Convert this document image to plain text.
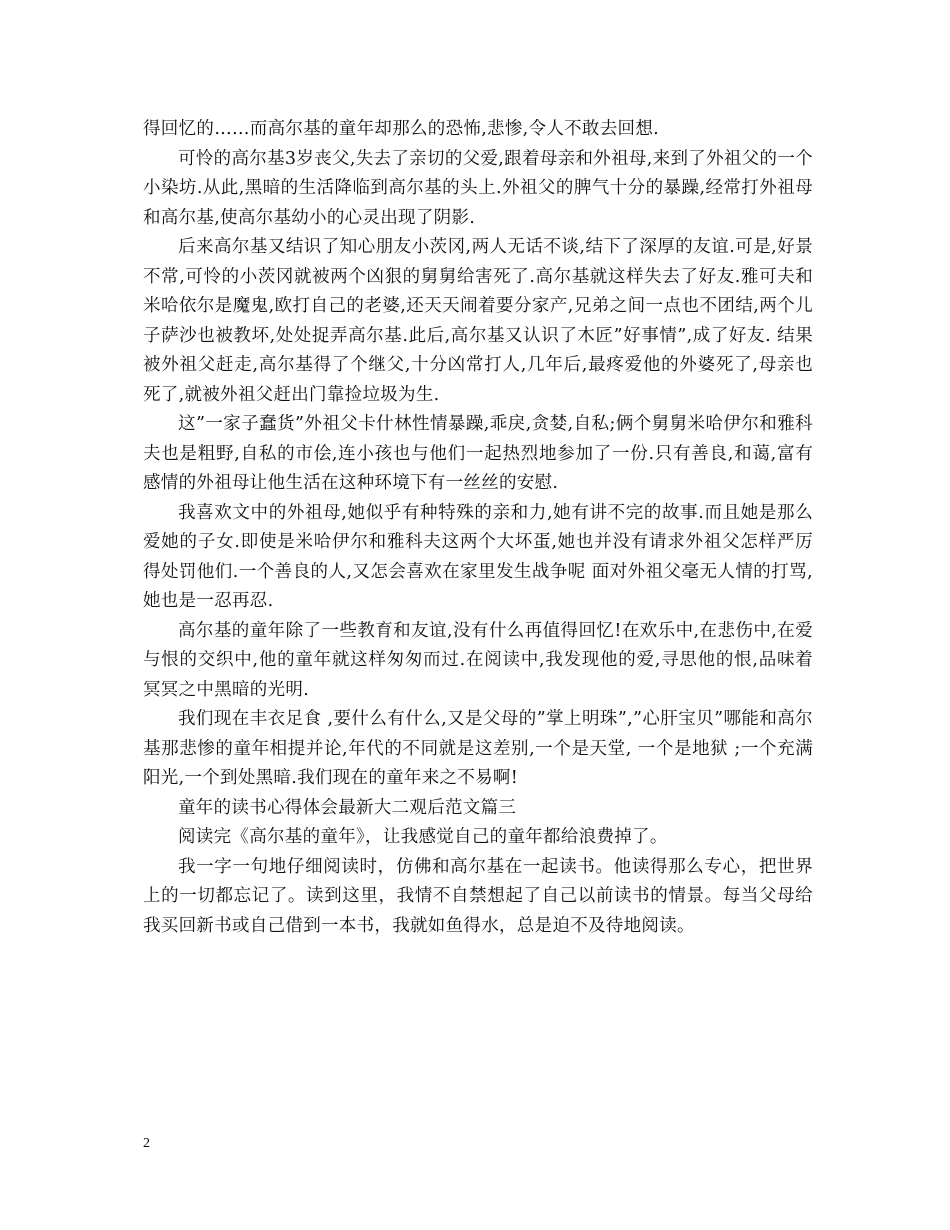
得回忆的……而高尔基的童年却那么的恐怖,悲惨,令人不敢去回想.

可怜的高尔基3岁丧父,失去了亲切的父爱,跟着母亲和外祖母,来到了外祖父的一个小染坊.从此,黑暗的生活降临到高尔基的头上.外祖父的脾气十分的暴躁,经常打外祖母和高尔基,使高尔基幼小的心灵出现了阴影.

后来高尔基又结识了知心朋友小茨冈,两人无话不谈,结下了深厚的友谊.可是,好景不常,可怜的小茨冈就被两个凶狠的舅舅给害死了.高尔基就这样失去了好友.雅可夫和米哈依尔是魔鬼,欧打自己的老婆,还天天闹着要分家产,兄弟之间一点也不团结,两个儿子萨沙也被教坏,处处捉弄高尔基.此后,高尔基又认识了木匠”好事情”,成了好友. 结果被外祖父赶走,高尔基得了个继父,十分凶常打人,几年后,最疼爱他的外婆死了,母亲也死了,就被外祖父赶出门靠捡垃圾为生.

这”一家子蠢货”外祖父卡什林性情暴躁,乖戾,贪婪,自私;俩个舅舅米哈伊尔和雅科夫也是粗野,自私的市侩,连小孩也与他们一起热烈地参加了一份.只有善良,和蔼,富有感情的外祖母让他生活在这种环境下有一丝丝的安慰.

我喜欢文中的外祖母,她似乎有种特殊的亲和力,她有讲不完的故事.而且她是那么爱她的子女.即使是米哈伊尔和雅科夫这两个大坏蛋,她也并没有请求外祖父怎样严厉得处罚他们.一个善良的人,又怎会喜欢在家里发生战争呢 面对外祖父毫无人情的打骂,她也是一忍再忍.

高尔基的童年除了一些教育和友谊,没有什么再值得回忆!在欢乐中,在悲伤中,在爱与恨的交织中,他的童年就这样匆匆而过.在阅读中,我发现他的爱,寻思他的恨,品味着冥冥之中黑暗的光明.

我们现在丰衣足食 ,要什么有什么,又是父母的”掌上明珠”,”心肝宝贝”哪能和高尔基那悲惨的童年相提并论,年代的不同就是这差别,一个是天堂, 一个是地狱 ;一个充满阳光,一个到处黑暗.我们现在的童年来之不易啊!

童年的读书心得体会最新大二观后范文篇三

阅读完《高尔基的童年》，让我感觉自己的童年都给浪费掉了。

我一字一句地仔细阅读时，仿佛和高尔基在一起读书。他读得那么专心，把世界上的一切都忘记了。读到这里，我情不自禁想起了自己以前读书的情景。每当父母给我买回新书或自己借到一本书，我就如鱼得水，总是迫不及待地阅读。

2
